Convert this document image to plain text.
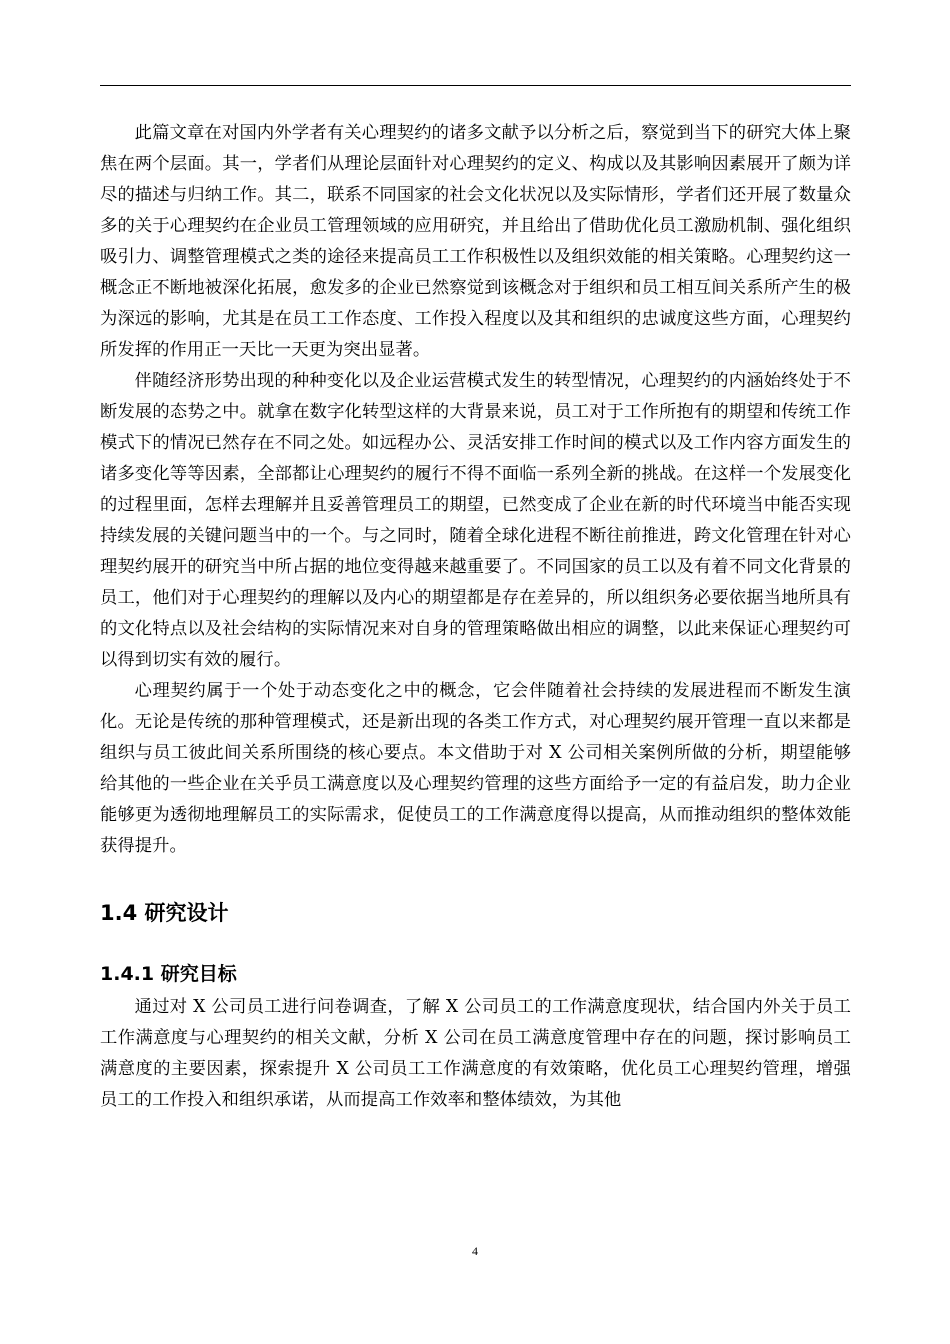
此篇文章在对国内外学者有关心理契约的诸多文献予以分析之后，察觉到当下的研究大体上聚焦在两个层面。其一，学者们从理论层面针对心理契约的定义、构成以及其影响因素展开了颇为详尽的描述与归纳工作。其二，联系不同国家的社会文化状况以及实际情形，学者们还开展了数量众多的关于心理契约在企业员工管理领域的应用研究，并且给出了借助优化员工激励机制、强化组织吸引力、调整管理模式之类的途径来提高员工工作积极性以及组织效能的相关策略。心理契约这一概念正不断地被深化拓展，愈发多的企业已然察觉到该概念对于组织和员工相互间关系所产生的极为深远的影响，尤其是在员工工作态度、工作投入程度以及其和组织的忠诚度这些方面，心理契约所发挥的作用正一天比一天更为突出显著。

伴随经济形势出现的种种变化以及企业运营模式发生的转型情况，心理契约的内涵始终处于不断发展的态势之中。就拿在数字化转型这样的大背景来说，员工对于工作所抱有的期望和传统工作模式下的情况已然存在不同之处。如远程办公、灵活安排工作时间的模式以及工作内容方面发生的诸多变化等等因素，全部都让心理契约的履行不得不面临一系列全新的挑战。在这样一个发展变化的过程里面，怎样去理解并且妥善管理员工的期望，已然变成了企业在新的时代环境当中能否实现持续发展的关键问题当中的一个。与之同时，随着全球化进程不断往前推进，跨文化管理在针对心理契约展开的研究当中所占据的地位变得越来越重要了。不同国家的员工以及有着不同文化背景的员工，他们对于心理契约的理解以及内心的期望都是存在差异的，所以组织务必要依据当地所具有的文化特点以及社会结构的实际情况来对自身的管理策略做出相应的调整，以此来保证心理契约可以得到切实有效的履行。

心理契约属于一个处于动态变化之中的概念，它会伴随着社会持续的发展进程而不断发生演化。无论是传统的那种管理模式，还是新出现的各类工作方式，对心理契约展开管理一直以来都是组织与员工彼此间关系所围绕的核心要点。本文借助于对 X 公司相关案例所做的分析，期望能够给其他的一些企业在关乎员工满意度以及心理契约管理的这些方面给予一定的有益启发，助力企业能够更为透彻地理解员工的实际需求，促使员工的工作满意度得以提高，从而推动组织的整体效能获得提升。

1.4 研究设计
1.4.1 研究目标

通过对 X 公司员工进行问卷调查，了解 X 公司员工的工作满意度现状，结合国内外关于员工工作满意度与心理契约的相关文献，分析 X 公司在员工满意度管理中存在的问题，探讨影响员工满意度的主要因素，探索提升 X 公司员工工作满意度的有效策略，优化员工心理契约管理，增强员工的工作投入和组织承诺，从而提高工作效率和整体绩效，为其他

4
